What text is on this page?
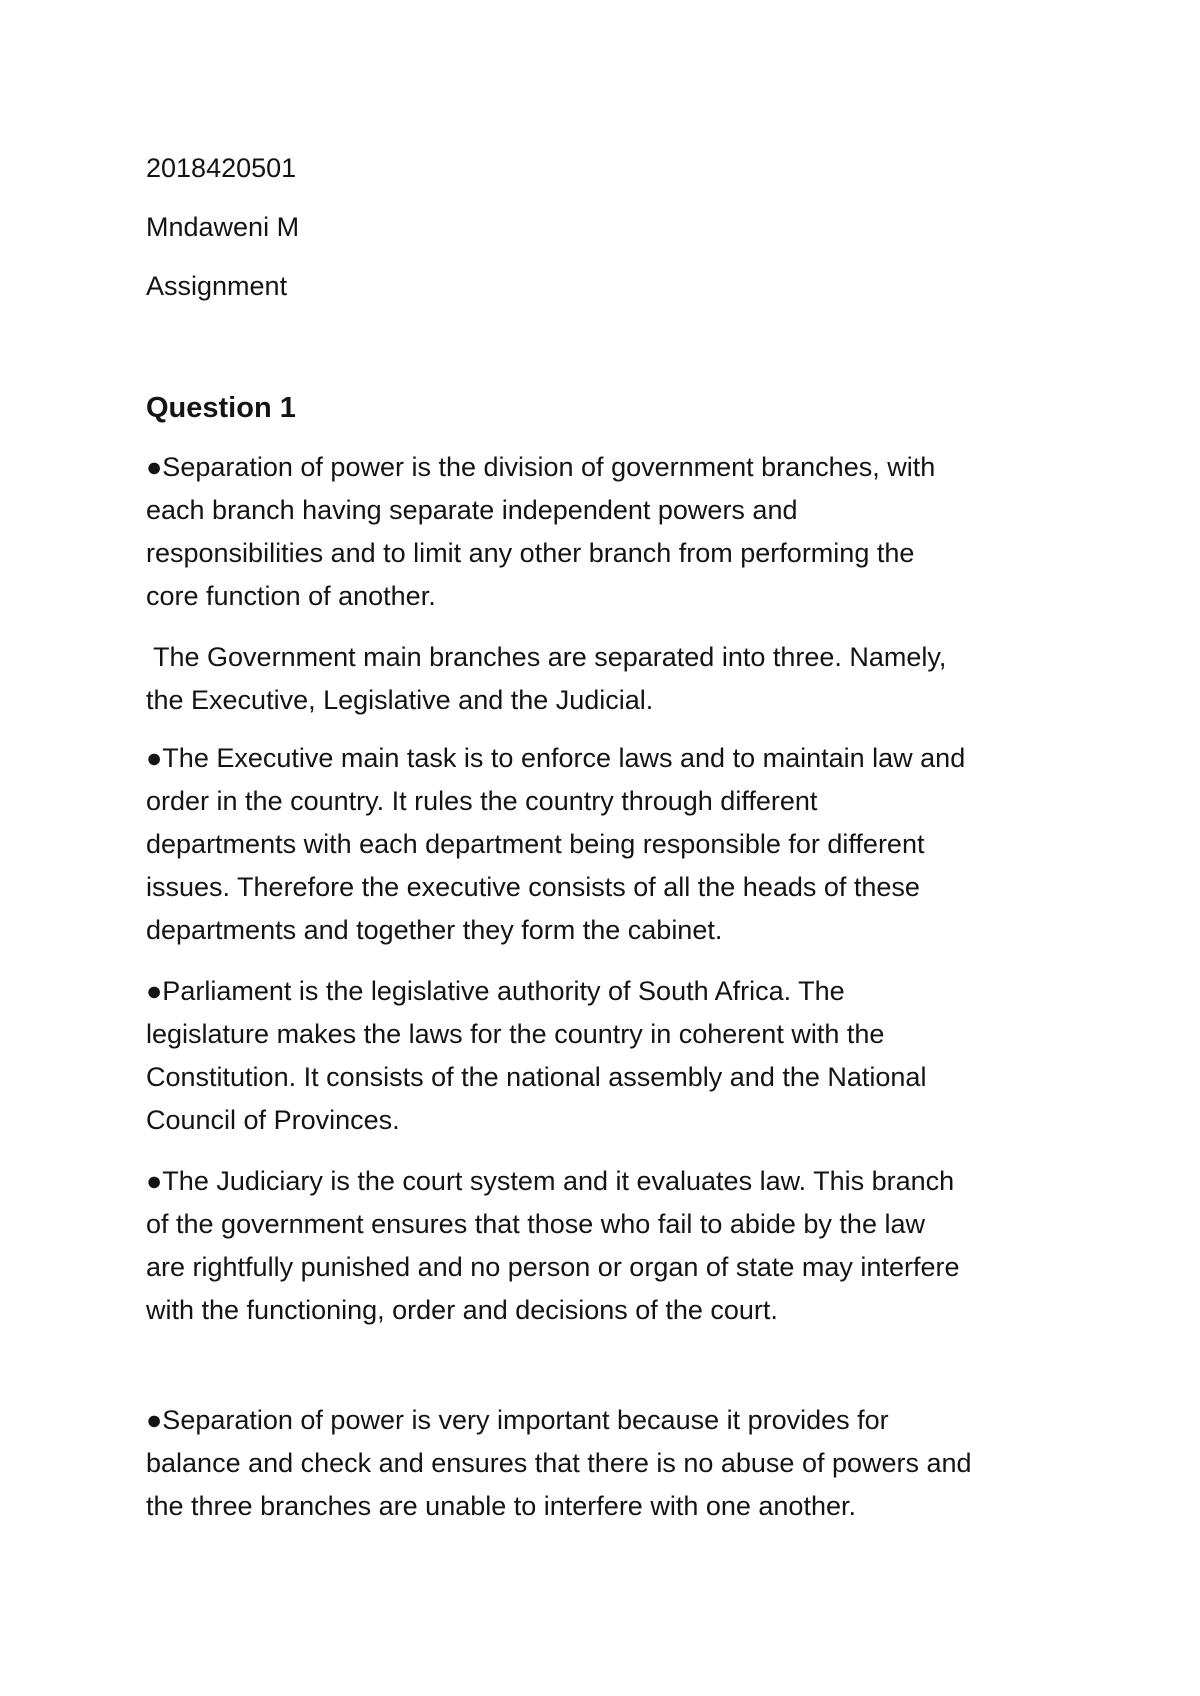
2018420501
Mndaweni M
Assignment
Question 1
●Separation of power is the division of government branches, with
each branch having separate independent powers and
responsibilities and to limit any other branch from performing the
core function of another.
The Government main branches are separated into three. Namely,
the Executive, Legislative and the Judicial.
●The Executive main task is to enforce laws and to maintain law and
order in the country. It rules the country through different
departments with each department being responsible for different
issues. Therefore the executive consists of all the heads of these
departments and together they form the cabinet.
●Parliament is the legislative authority of South Africa. The
legislature makes the laws for the country in coherent with the
Constitution. It consists of the national assembly and the National
Council of Provinces.
●The Judiciary is the court system and it evaluates law. This branch
of the government ensures that those who fail to abide by the law
are rightfully punished and no person or organ of state may interfere
with the functioning, order and decisions of the court.
●Separation of power is very important because it provides for
balance and check and ensures that there is no abuse of powers and
the three branches are unable to interfere with one another.
